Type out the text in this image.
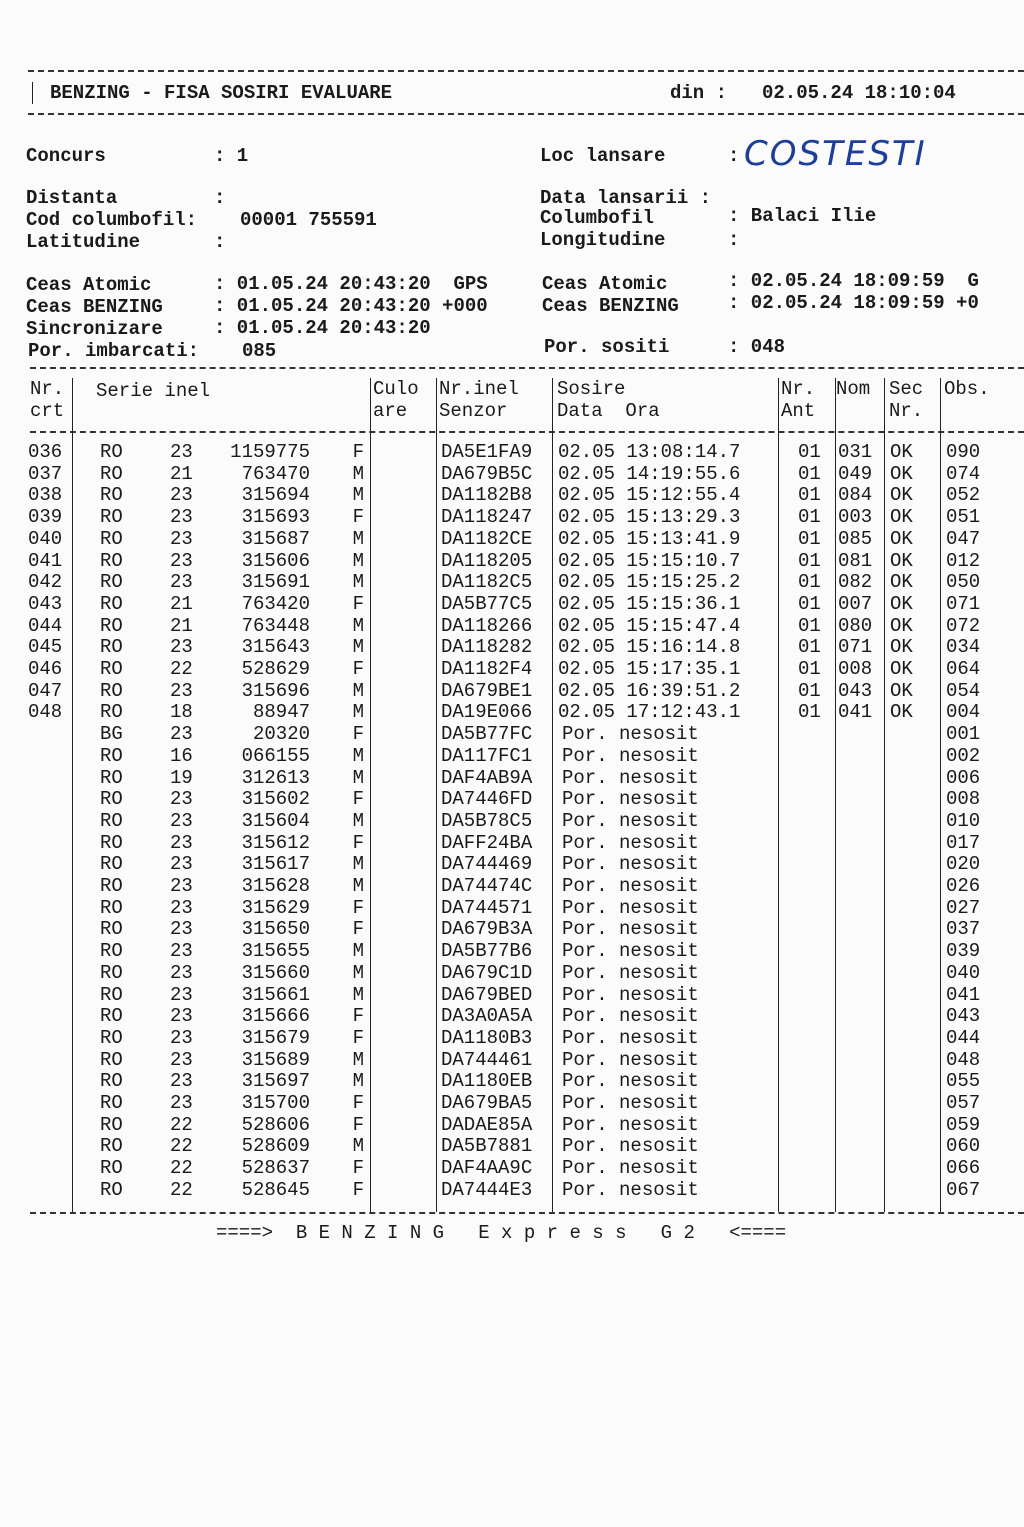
BENZING - FISA SOSIRI EVALUARE	din : 02.05.24 18:10:04
Concurs	: 1	Loc lansare	: COSTESTI
Distanta	:	Data lansarii :
Cod columbofil: 00001 755591	Columbofil	: Balaci Ilie
Latitudine	:	Longitudine	:
Ceas Atomic	: 01.05.24 20:43:20  GPS
Ceas BENZING	: 01.05.24 20:43:20 +000
Sincronizare	: 01.05.24 20:43:20
Por. imbarcati: 085
Ceas Atomic	: 02.05.24 18:09:59  G
Ceas BENZING	: 02.05.24 18:09:59 +0
Por. sositi	: 048
Nr.
crt
Serie inel	Culo
are
Nr.inel
Senzor
Sosire
Data  Ora
Nr.
Ant
Nom Sec
Nr.
Obs.
036	RO	23	1159775	F	DA5E1FA9	02.05 13:08:14.7	01 031 OK	090
037	RO	21	763470	M	DA679B5C	02.05 14:19:55.6	01 049 OK	074
038	RO	23	315694	M	DA1182B8	02.05 15:12:55.4	01 084 OK	052
039	RO	23	315693	F	DA118247	02.05 15:13:29.3	01 003 OK	051
040	RO	23	315687	M	DA1182CE	02.05 15:13:41.9	01 085 OK	047
041	RO	23	315606	M	DA118205	02.05 15:15:10.7	01 081 OK	012
042	RO	23	315691	M	DA1182C5	02.05 15:15:25.2	01 082 OK	050
043	RO	21	763420	F	DA5B77C5	02.05 15:15:36.1	01 007 OK	071
044	RO	21	763448	M	DA118266	02.05 15:15:47.4	01 080 OK	072
045	RO	23	315643	M	DA118282	02.05 15:16:14.8	01 071 OK	034
046	RO	22	528629	F	DA1182F4	02.05 15:17:35.1	01 008 OK	064
047	RO	23	315696	M	DA679BE1	02.05 16:39:51.2	01 043 OK	054
048	RO	18	88947	M	DA19E066	02.05 17:12:43.1	01 041 OK	004
BG	23	20320	F	DA5B77FC	Por. nesosit	001
RO	16	066155	M	DA117FC1	Por. nesosit	002
RO	19	312613	M	DAF4AB9A	Por. nesosit	006
RO	23	315602	F	DA7446FD	Por. nesosit	008
RO	23	315604	M	DA5B78C5	Por. nesosit	010
RO	23	315612	F	DAFF24BA	Por. nesosit	017
RO	23	315617	M	DA744469	Por. nesosit	020
RO	23	315628	M	DA74474C	Por. nesosit	026
RO	23	315629	F	DA744571	Por. nesosit	027
RO	23	315650	F	DA679B3A	Por. nesosit	037
RO	23	315655	M	DA5B77B6	Por. nesosit	039
RO	23	315660	M	DA679C1D	Por. nesosit	040
RO	23	315661	M	DA679BED	Por. nesosit	041
RO	23	315666	F	DA3A0A5A	Por. nesosit	043
RO	23	315679	F	DA1180B3	Por. nesosit	044
RO	23	315689	M	DA744461	Por. nesosit	048
RO	23	315697	M	DA1180EB	Por. nesosit	055
RO	23	315700	F	DA679BA5	Por. nesosit	057
RO	22	528606	F	DADAE85A	Por. nesosit	059
RO	22	528609	M	DA5B7881	Por. nesosit	060
RO	22	528637	F	DAF4AA9C	Por. nesosit	066
RO	22	528645	F	DA7444E3	Por. nesosit	067
====>  B E N Z I N G   E x p r e s s   G 2   <====
